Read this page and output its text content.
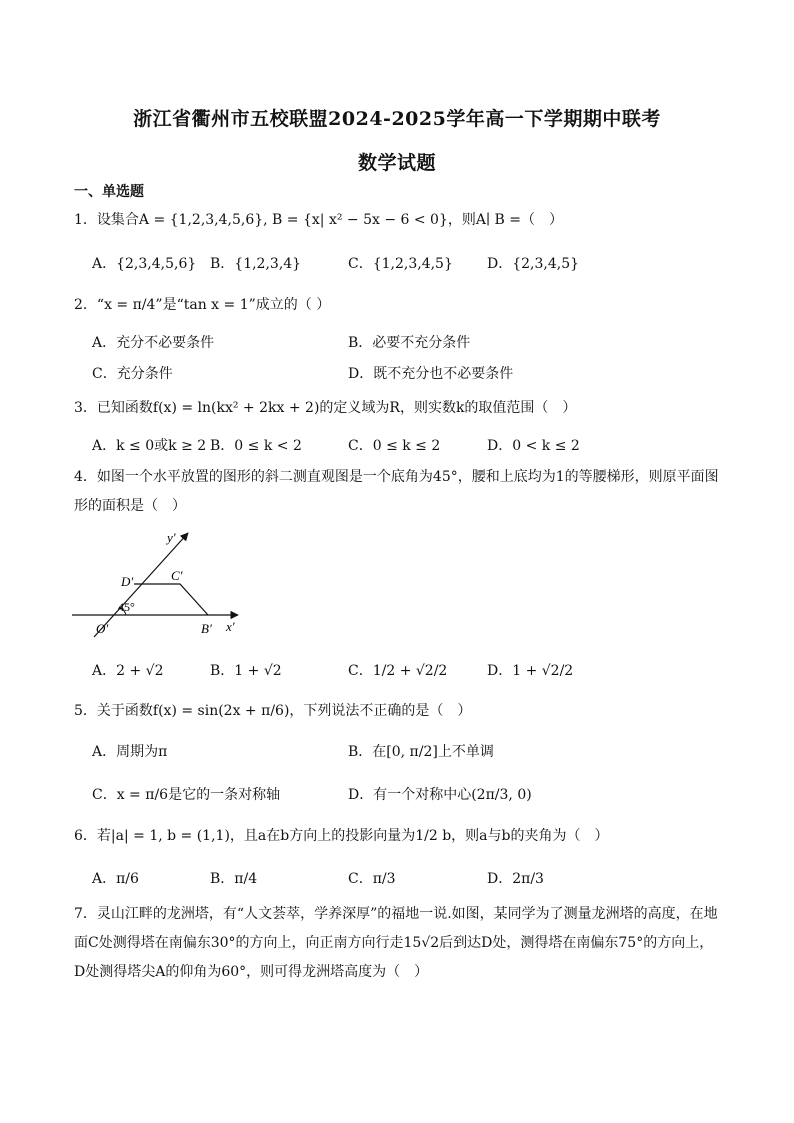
浙江省衢州市五校联盟2024-2025学年高一下学期期中联考
数学试题
一、单选题
1．设集合A = {1,2,3,4,5,6}, B = {x| x² − 5x − 6 < 0}，则A∣ B =（　）
A．{2,3,4,5,6} B．{1,2,3,4}	C．{1,2,3,4,5} D．{2,3,4,5}
2．“x = π/4”是“tan x = 1”成立的（ ）
A．充分不必要条件	B．必要不充分条件
C．充分条件	D．既不充分也不必要条件
3．已知函数f(x) = ln(kx² + 2kx + 2)的定义域为R，则实数k的取值范围（　）
A．k ≤ 0或k ≥ 2 B．0 ≤ k < 2	C．0 ≤ k ≤ 2	D．0 < k ≤ 2
4．如图一个水平放置的图形的斜二测直观图是一个底角为45°，腰和上底均为1的等腰梯形，则原平面图形的面积是（　）
y′
x′
O′
D′	C′
B′
45°
A．2 + √2	B．1 + √2	C．1/2 + √2/2	D．1 + √2/2
5．关于函数f(x) = sin(2x + π/6)，下列说法不正确的是（　）
A．周期为π	B．在[0, π/2]上不单调
C．x = π/6是它的一条对称轴	D．有一个对称中心(2π/3, 0)
6．若|a| = 1, b = (1,1)，且a在b方向上的投影向量为1/2 b，则a与b的夹角为（　）
A．π/6	B．π/4	C．π/3	D．2π/3
7．灵山江畔的龙洲塔，有“人文荟萃，学养深厚”的福地一说.如图，某同学为了测量龙洲塔的高度，在地面C处测得塔在南偏东30°的方向上，向正南方向行走15√2后到达D处，测得塔在南偏东75°的方向上，D处测得塔尖A的仰角为60°，则可得龙洲塔高度为（　）
